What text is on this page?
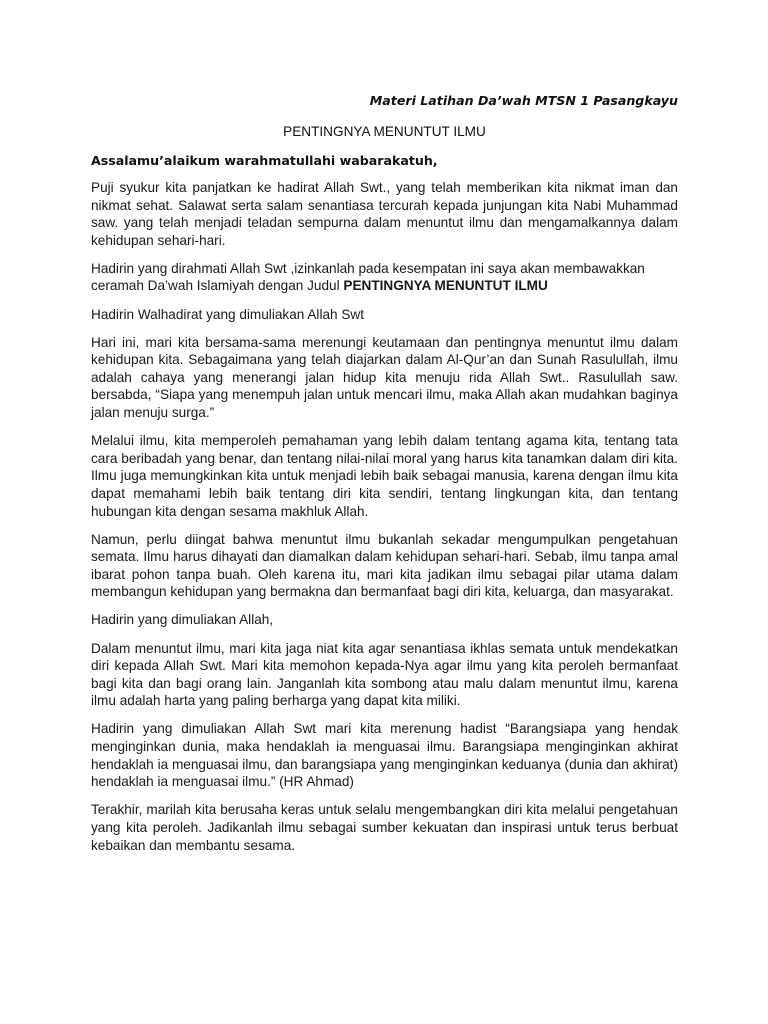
Materi Latihan Da’wah MTSN 1 Pasangkayu

PENTINGNYA MENUNTUT ILMU

Assalamu’alaikum warahmatullahi wabarakatuh,

Puji syukur kita panjatkan ke hadirat Allah Swt., yang telah memberikan kita nikmat iman dan nikmat sehat. Salawat serta salam senantiasa tercurah kepada junjungan kita Nabi Muhammad saw. yang telah menjadi teladan sempurna dalam menuntut ilmu dan mengamalkannya dalam kehidupan sehari-hari.

Hadirin yang dirahmati Allah Swt ,izinkanlah pada kesempatan ini saya akan membawakkan ceramah Da’wah Islamiyah dengan Judul PENTINGNYA MENUNTUT ILMU

Hadirin Walhadirat yang dimuliakan Allah Swt

Hari ini, mari kita bersama-sama merenungi keutamaan dan pentingnya menuntut ilmu dalam kehidupan kita. Sebagaimana yang telah diajarkan dalam Al-Qur’an dan Sunah Rasulullah, ilmu adalah cahaya yang menerangi jalan hidup kita menuju rida Allah Swt.. Rasulullah saw. bersabda, “Siapa yang menempuh jalan untuk mencari ilmu, maka Allah akan mudahkan baginya jalan menuju surga.”

Melalui ilmu, kita memperoleh pemahaman yang lebih dalam tentang agama kita, tentang tata cara beribadah yang benar, dan tentang nilai-nilai moral yang harus kita tanamkan dalam diri kita. Ilmu juga memungkinkan kita untuk menjadi lebih baik sebagai manusia, karena dengan ilmu kita dapat memahami lebih baik tentang diri kita sendiri, tentang lingkungan kita, dan tentang hubungan kita dengan sesama makhluk Allah.

Namun, perlu diingat bahwa menuntut ilmu bukanlah sekadar mengumpulkan pengetahuan semata. Ilmu harus dihayati dan diamalkan dalam kehidupan sehari-hari. Sebab, ilmu tanpa amal ibarat pohon tanpa buah. Oleh karena itu, mari kita jadikan ilmu sebagai pilar utama dalam membangun kehidupan yang bermakna dan bermanfaat bagi diri kita, keluarga, dan masyarakat.

Hadirin yang dimuliakan Allah,

Dalam menuntut ilmu, mari kita jaga niat kita agar senantiasa ikhlas semata untuk mendekatkan diri kepada Allah Swt. Mari kita memohon kepada-Nya agar ilmu yang kita peroleh bermanfaat bagi kita dan bagi orang lain. Janganlah kita sombong atau malu dalam menuntut ilmu, karena ilmu adalah harta yang paling berharga yang dapat kita miliki.

Hadirin yang dimuliakan Allah Swt mari kita merenung hadist “Barangsiapa yang hendak menginginkan dunia, maka hendaklah ia menguasai ilmu. Barangsiapa menginginkan akhirat hendaklah ia menguasai ilmu, dan barangsiapa yang menginginkan keduanya (dunia dan akhirat) hendaklah ia menguasai ilmu.” (HR Ahmad)

Terakhir, marilah kita berusaha keras untuk selalu mengembangkan diri kita melalui pengetahuan yang kita peroleh. Jadikanlah ilmu sebagai sumber kekuatan dan inspirasi untuk terus berbuat kebaikan dan membantu sesama.
